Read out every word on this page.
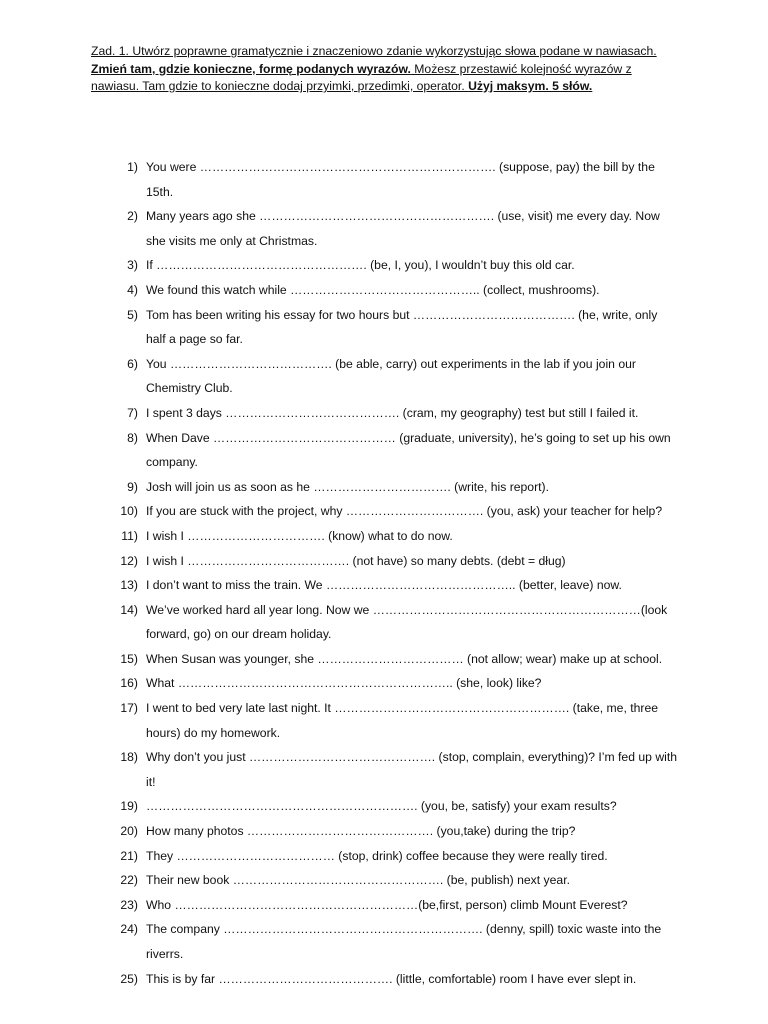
Zad. 1. Utwórz poprawne gramatycznie i znaczeniowo zdanie wykorzystując słowa podane w nawiasach. Zmień tam, gdzie konieczne, formę podanych wyrazów. Możesz przestawić kolejność wyrazów z nawiasu. Tam gdzie to konieczne dodaj przyimki, przedimki, operator. Użyj maksym. 5 słów.
1) You were ………………………………………………………………. (suppose, pay) the bill by the 15th.
2) Many years ago she …………………………………………………. (use, visit) me every day. Now she visits me only at Christmas.
3) If ……………………………………………. (be, I, you), I wouldn’t buy this old car.
4) We found this watch while ……………………………………….. (collect, mushrooms).
5) Tom has been writing his essay for two hours but …………………………………. (he, write, only half a page so far.
6) You …………………………………. (be able, carry) out experiments in the lab if you join our Chemistry Club.
7) I spent 3 days ……………………………………. (cram, my geography) test but still I failed it.
8) When Dave ……………………………………… (graduate, university), he’s going to set up his own company.
9) Josh will join us as soon as he ……………………………. (write, his report).
10) If you are stuck with the project, why ……………………………. (you, ask) your teacher for help?
11) I wish I ……………………………. (know) what to do now.
12) I wish I …………………………………. (not have) so many debts. (debt = dług)
13) I don’t want to miss the train. We ……………………………………….. (better, leave) now.
14) We’ve worked hard all year long. Now we …………………………………………………………(look forward, go) on our dream holiday.
15) When Susan was younger, she ……………………………… (not allow; wear) make up at school.
16) What ………………………………………………………….. (she, look) like?
17) I went to bed very late last night. It …………………………………………………. (take, me, three hours) do my homework.
18) Why don’t you just ………………………………………. (stop, complain, everything)? I’m fed up with it!
19) …………………………………………………………. (you, be, satisfy) your exam results?
20) How many photos ………………………………………. (you,take) during the trip?
21) They ………………………………… (stop, drink) coffee because they were really tired.
22) Their new book ……………………………………………. (be, publish) next year.
23) Who ……………………………………………………(be,first, person) climb Mount Everest?
24) The company ………………………………………………………. (denny, spill) toxic waste into the riverrs.
25) This is by far ……………………………………. (little, comfortable) room I have ever slept in.
